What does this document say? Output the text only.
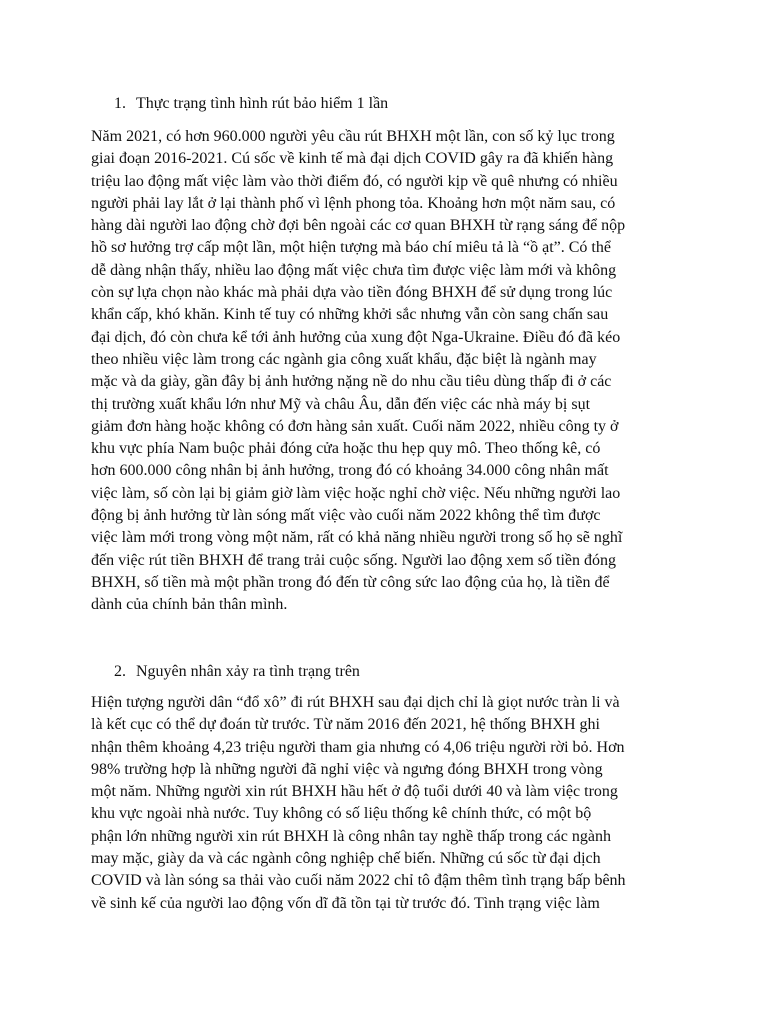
1. Thực trạng tình hình rút bảo hiểm 1 lần
Năm 2021, có hơn 960.000 người yêu cầu rút BHXH một lần, con số kỷ lục trong
giai đoạn 2016-2021. Cú sốc về kinh tế mà đại dịch COVID gây ra đã khiến hàng
triệu lao động mất việc làm vào thời điểm đó, có người kịp về quê nhưng có nhiều
người phải lay lắt ở lại thành phố vì lệnh phong tỏa. Khoảng hơn một năm sau, có
hàng dài người lao động chờ đợi bên ngoài các cơ quan BHXH từ rạng sáng để nộp
hồ sơ hưởng trợ cấp một lần, một hiện tượng mà báo chí miêu tả là “ồ ạt”. Có thể
dễ dàng nhận thấy, nhiều lao động mất việc chưa tìm được việc làm mới và không
còn sự lựa chọn nào khác mà phải dựa vào tiền đóng BHXH để sử dụng trong lúc
khẩn cấp, khó khăn. Kinh tế tuy có những khởi sắc nhưng vẫn còn sang chấn sau
đại dịch, đó còn chưa kể tới ảnh hưởng của xung đột Nga-Ukraine. Điều đó đã kéo
theo nhiều việc làm trong các ngành gia công xuất khẩu, đặc biệt là ngành may
mặc và da giày, gần đây bị ảnh hưởng nặng nề do nhu cầu tiêu dùng thấp đi ở các
thị trường xuất khẩu lớn như Mỹ và châu Âu, dẫn đến việc các nhà máy bị sụt
giảm đơn hàng hoặc không có đơn hàng sản xuất. Cuối năm 2022, nhiều công ty ở
khu vực phía Nam buộc phải đóng cửa hoặc thu hẹp quy mô. Theo thống kê, có
hơn 600.000 công nhân bị ảnh hưởng, trong đó có khoảng 34.000 công nhân mất
việc làm, số còn lại bị giảm giờ làm việc hoặc nghỉ chờ việc. Nếu những người lao
động bị ảnh hưởng từ làn sóng mất việc vào cuối năm 2022 không thể tìm được
việc làm mới trong vòng một năm, rất có khả năng nhiều người trong số họ sẽ nghĩ
đến việc rút tiền BHXH để trang trải cuộc sống. Người lao động xem số tiền đóng
BHXH, số tiền mà một phần trong đó đến từ công sức lao động của họ, là tiền để
dành của chính bản thân mình.
2. Nguyên nhân xảy ra tình trạng trên
Hiện tượng người dân “đổ xô” đi rút BHXH sau đại dịch chỉ là giọt nước tràn li và
là kết cục có thể dự đoán từ trước. Từ năm 2016 đến 2021, hệ thống BHXH ghi
nhận thêm khoảng 4,23 triệu người tham gia nhưng có 4,06 triệu người rời bỏ. Hơn
98% trường hợp là những người đã nghỉ việc và ngưng đóng BHXH trong vòng
một năm. Những người xin rút BHXH hầu hết ở độ tuổi dưới 40 và làm việc trong
khu vực ngoài nhà nước. Tuy không có số liệu thống kê chính thức, có một bộ
phận lớn những người xin rút BHXH là công nhân tay nghề thấp trong các ngành
may mặc, giày da và các ngành công nghiệp chế biến. Những cú sốc từ đại dịch
COVID và làn sóng sa thải vào cuối năm 2022 chỉ tô đậm thêm tình trạng bấp bênh
về sinh kế của người lao động vốn dĩ đã tồn tại từ trước đó. Tình trạng việc làm
